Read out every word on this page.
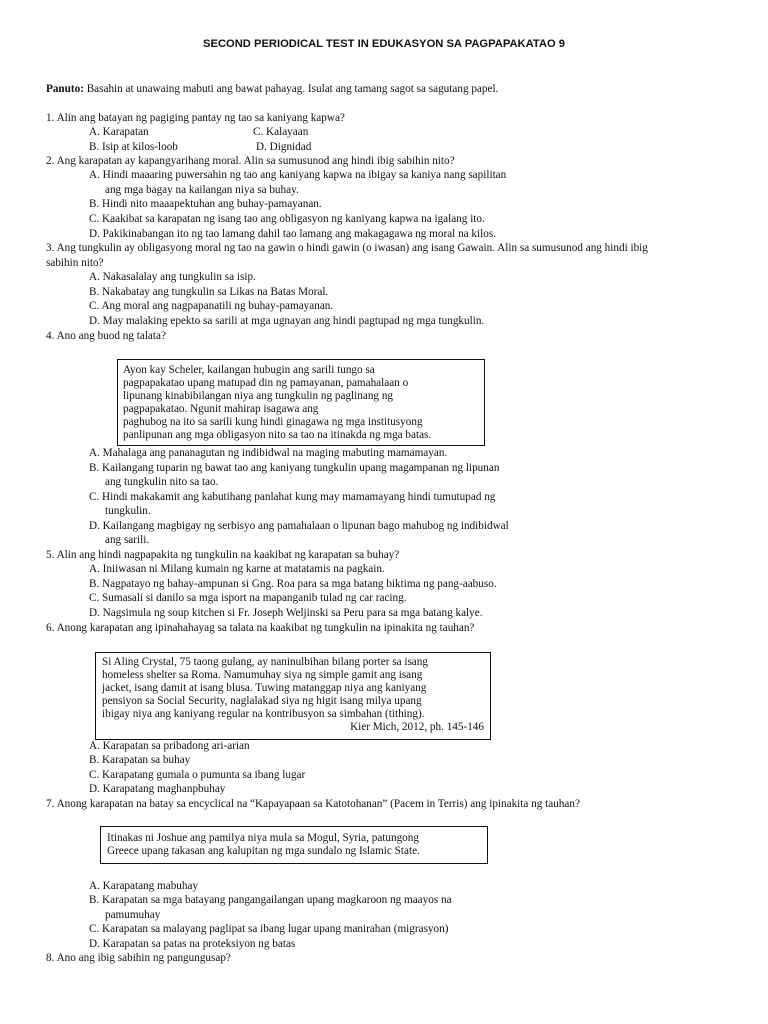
SECOND PERIODICAL TEST IN EDUKASYON SA PAGPAPAKATAO 9
Panuto: Basahin at unawaing mabuti ang bawat pahayag. Isulat ang tamang sagot sa sagutang papel.
1. Alin ang batayan ng pagiging pantay ng tao sa kaniyang kapwa?
A. Karapatan	C. Kalayaan
B. Isip at kilos-loob	D. Dignidad
2. Ang karapatan ay kapangyarihang moral. Alin sa sumusunod ang hindi ibig sabihin nito?
A. Hindi maaaring puwersahin ng tao ang kaniyang kapwa na ibigay sa kaniya nang sapilitan
ang mga bagay na kailangan niya sa buhay.
B. Hindi nito maaapektuhan ang buhay-pamayanan.
C. Kaakibat sa karapatan ng isang tao ang obligasyon ng kaniyang kapwa na igalang ito.
D. Pakikinabangan ito ng tao lamang dahil tao lamang ang makagagawa ng moral na kilos.
3. Ang tungkulin ay obligasyong moral ng tao na gawin o hindi gawin (o iwasan) ang isang Gawain. Alin sa sumusunod ang hindi ibig
sabihin nito?
A. Nakasalalay ang tungkulin sa isip.
B. Nakabatay ang tungkulin sa Likas na Batas Moral.
C. Ang moral ang nagpapanatili ng buhay-pamayanan.
D. May malaking epekto sa sarili at mga ugnayan ang hindi pagtupad ng mga tungkulin.
4. Ano ang buod ng talata?
Ayon kay Scheler, kailangan hubugin ang sarili tungo sa
pagpapakatao upang matupad din ng pamayanan, pamahalaan o
lipunang kinabibilangan niya ang tungkulin ng paglinang ng
pagpapakatao. Ngunit mahirap isagawa ang
paghubog na ito sa sarili kung hindi ginagawa ng mga institusyong
panlipunan ang mga obligasyon nito sa tao na itinakda ng mga batas.
A. Mahalaga ang pananagutan ng indibidwal na maging mabuting mamamayan.
B. Kailangang tuparin ng bawat tao ang kaniyang tungkulin upang magampanan ng lipunan
ang tungkulin nito sa tao.
C. Hindi makakamit ang kabutihang panlahat kung may mamamayang hindi tumutupad ng
tungkulin.
D. Kailangang magbigay ng serbisyo ang pamahalaan o lipunan bago mahubog ng indibidwal
ang sarili.
5. Alin ang hindi nagpapakita ng tungkulin na kaakibat ng karapatan sa buhay?
A. Iniiwasan ni Milang kumain ng karne at matatamis na pagkain.
B. Nagpatayo ng bahay-ampunan si Gng. Roa para sa mga batang biktima ng pang-aabuso.
C. Sumasali si danilo sa mga isport na mapanganib tulad ng car racing.
D. Nagsimula ng soup kitchen si Fr. Joseph Weljinski sa Peru para sa mga batang kalye.
6. Anong karapatan ang ipinahahayag sa talata na kaakibat ng tungkulin na ipinakita ng tauhan?
Si Aling Crystal, 75 taong gulang, ay naninulbihan bilang porter sa isang
homeless shelter sa Roma. Namumuhay siya ng simple gamit ang isang
jacket, isang damit at isang blusa. Tuwing matanggap niya ang kaniyang
pensiyon sa Social Security, naglalakad siya ng higit isang milya upang
ibigay niya ang kaniyang regular na kontribusyon sa simbahan (tithing).
Kier Mich, 2012, ph. 145-146
A. Karapatan sa pribadong ari-arian
B. Karapatan sa buhay
C. Karapatang gumala o pumunta sa ibang lugar
D. Karapatang maghanpbuhay
7. Anong karapatan na batay sa encyclical na “Kapayapaan sa Katotohanan” (Pacem in Terris) ang ipinakita ng tauhan?
Itinakas ni Joshue ang pamilya niya mula sa Mogul, Syria, patungong
Greece upang takasan ang kalupitan ng mga sundalo ng Islamic State.
A. Karapatang mabuhay
B. Karapatan sa mga batayang pangangailangan upang magkaroon ng maayos na
pamumuhay
C. Karapatan sa malayang paglipat sa ibang lugar upang manirahan (migrasyon)
D. Karapatan sa patas na proteksiyon ng batas
8. Ano ang ibig sabihin ng pangungusap?
